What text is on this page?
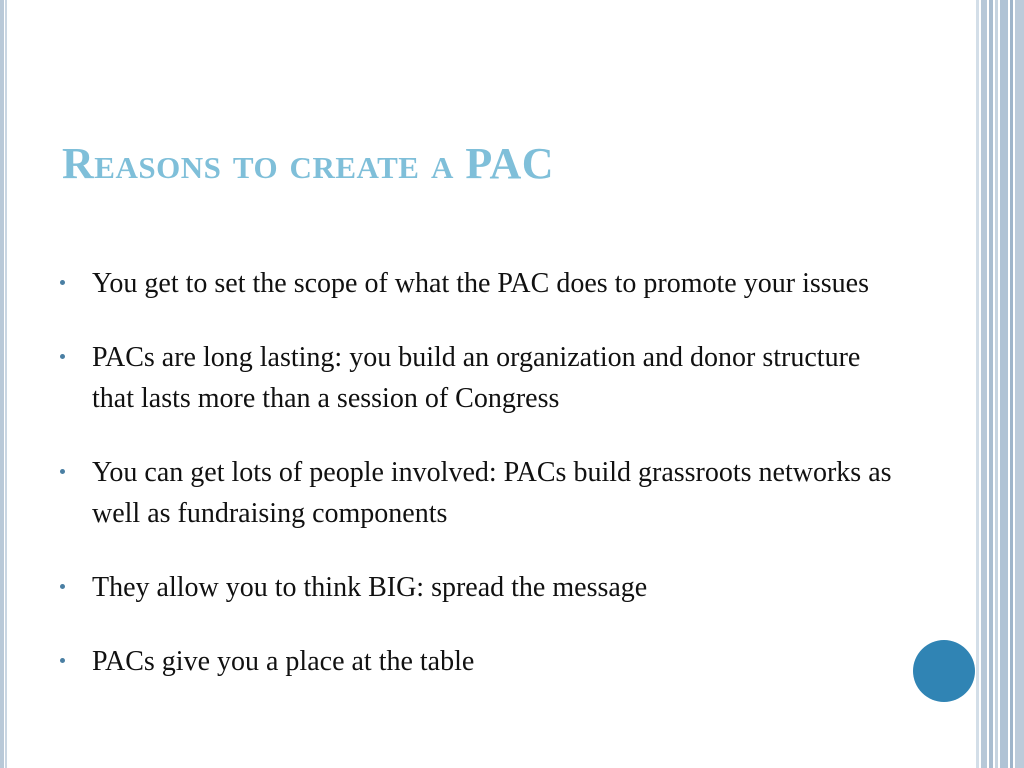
Reasons to create a PAC
You get to set the scope of what the PAC does to promote your issues
PACs are long lasting: you build an organization and donor structure that lasts more than a session of Congress
You can get lots of people involved: PACs build grassroots networks as well as fundraising components
They allow you to think BIG: spread the message
PACs give you a place at the table
